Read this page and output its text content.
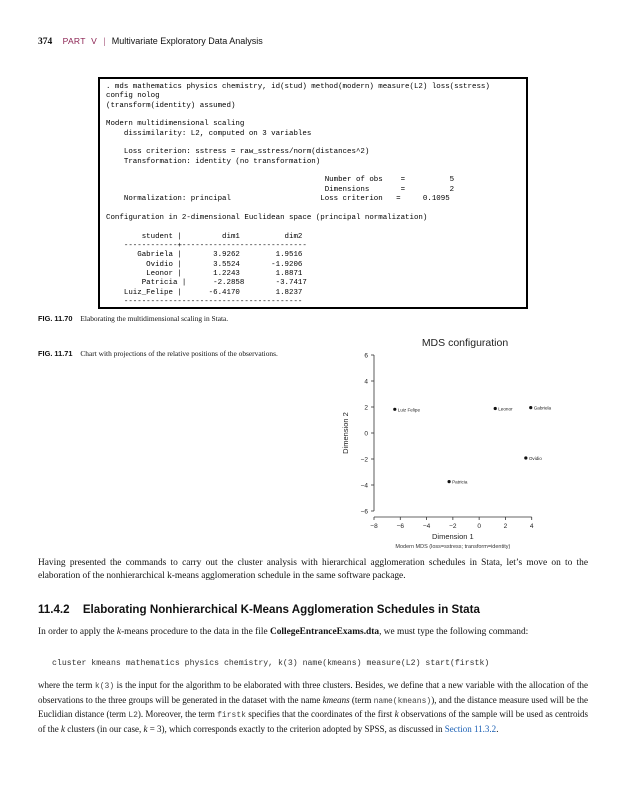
374 PART V | Multivariate Exploratory Data Analysis
. mds mathematics physics chemistry, id(stud) method(modern) measure(L2) loss(sstress)
config nolog
(transform(identity) assumed)

Modern multidimensional scaling
dissimilarity: L2, computed on 3 variables

Loss criterion: sstress = raw_sstress/norm(distances^2)
Transformation: identity (no transformation)

Number of obs    =          5
Dimensions       =          2
Normalization: principal                    Loss criterion   =     0.1095

Configuration in 2-dimensional Euclidean space (principal normalization)

student |         dim1          dim2
------------+----------------------------
Gabriela |       3.9262        1.9516
Ovidio |       3.5524       -1.9206
Leonor |       1.2243        1.8871
Patricia |      -2.2858       -3.7417
Luiz_Felipe |      -6.4170        1.8237
----------------------------------------
FIG. 11.70 Elaborating the multidimensional scaling in Stata.
FIG. 11.71 Chart with projections of the relative positions of the observations.
MDS configuration
Dimension 2
Dimension 1
Modern MDS (loss=sstress; transform=identity)
6
4
2
0
−2
−4
−6
−8	−6	−4	−2	0	2	4
Gabriela
Ovidio
Leonor
Patricia
Luiz Felipe
Having presented the commands to carry out the cluster analysis with hierarchical agglomeration schedules in Stata, let’s move on to the elaboration of the nonhierarchical k-means agglomeration schedule in the same software package.
11.4.2 Elaborating Nonhierarchical K-Means Agglomeration Schedules in Stata
In order to apply the k-means procedure to the data in the file CollegeEntranceExams.dta, we must type the following command:
cluster kmeans mathematics physics chemistry, k(3) name(kmeans) measure(L2) start(firstk)
where the term k(3) is the input for the algorithm to be elaborated with three clusters. Besides, we define that a new variable with the allocation of the observations to the three groups will be generated in the dataset with the name kmeans (term name(kmeans)), and the distance measure used will be the Euclidian distance (term L2). Moreover, the term firstk specifies that the coordinates of the first k observations of the sample will be used as centroids of the k clusters (in our case, k = 3), which corresponds exactly to the criterion adopted by SPSS, as discussed in Section 11.3.2.
